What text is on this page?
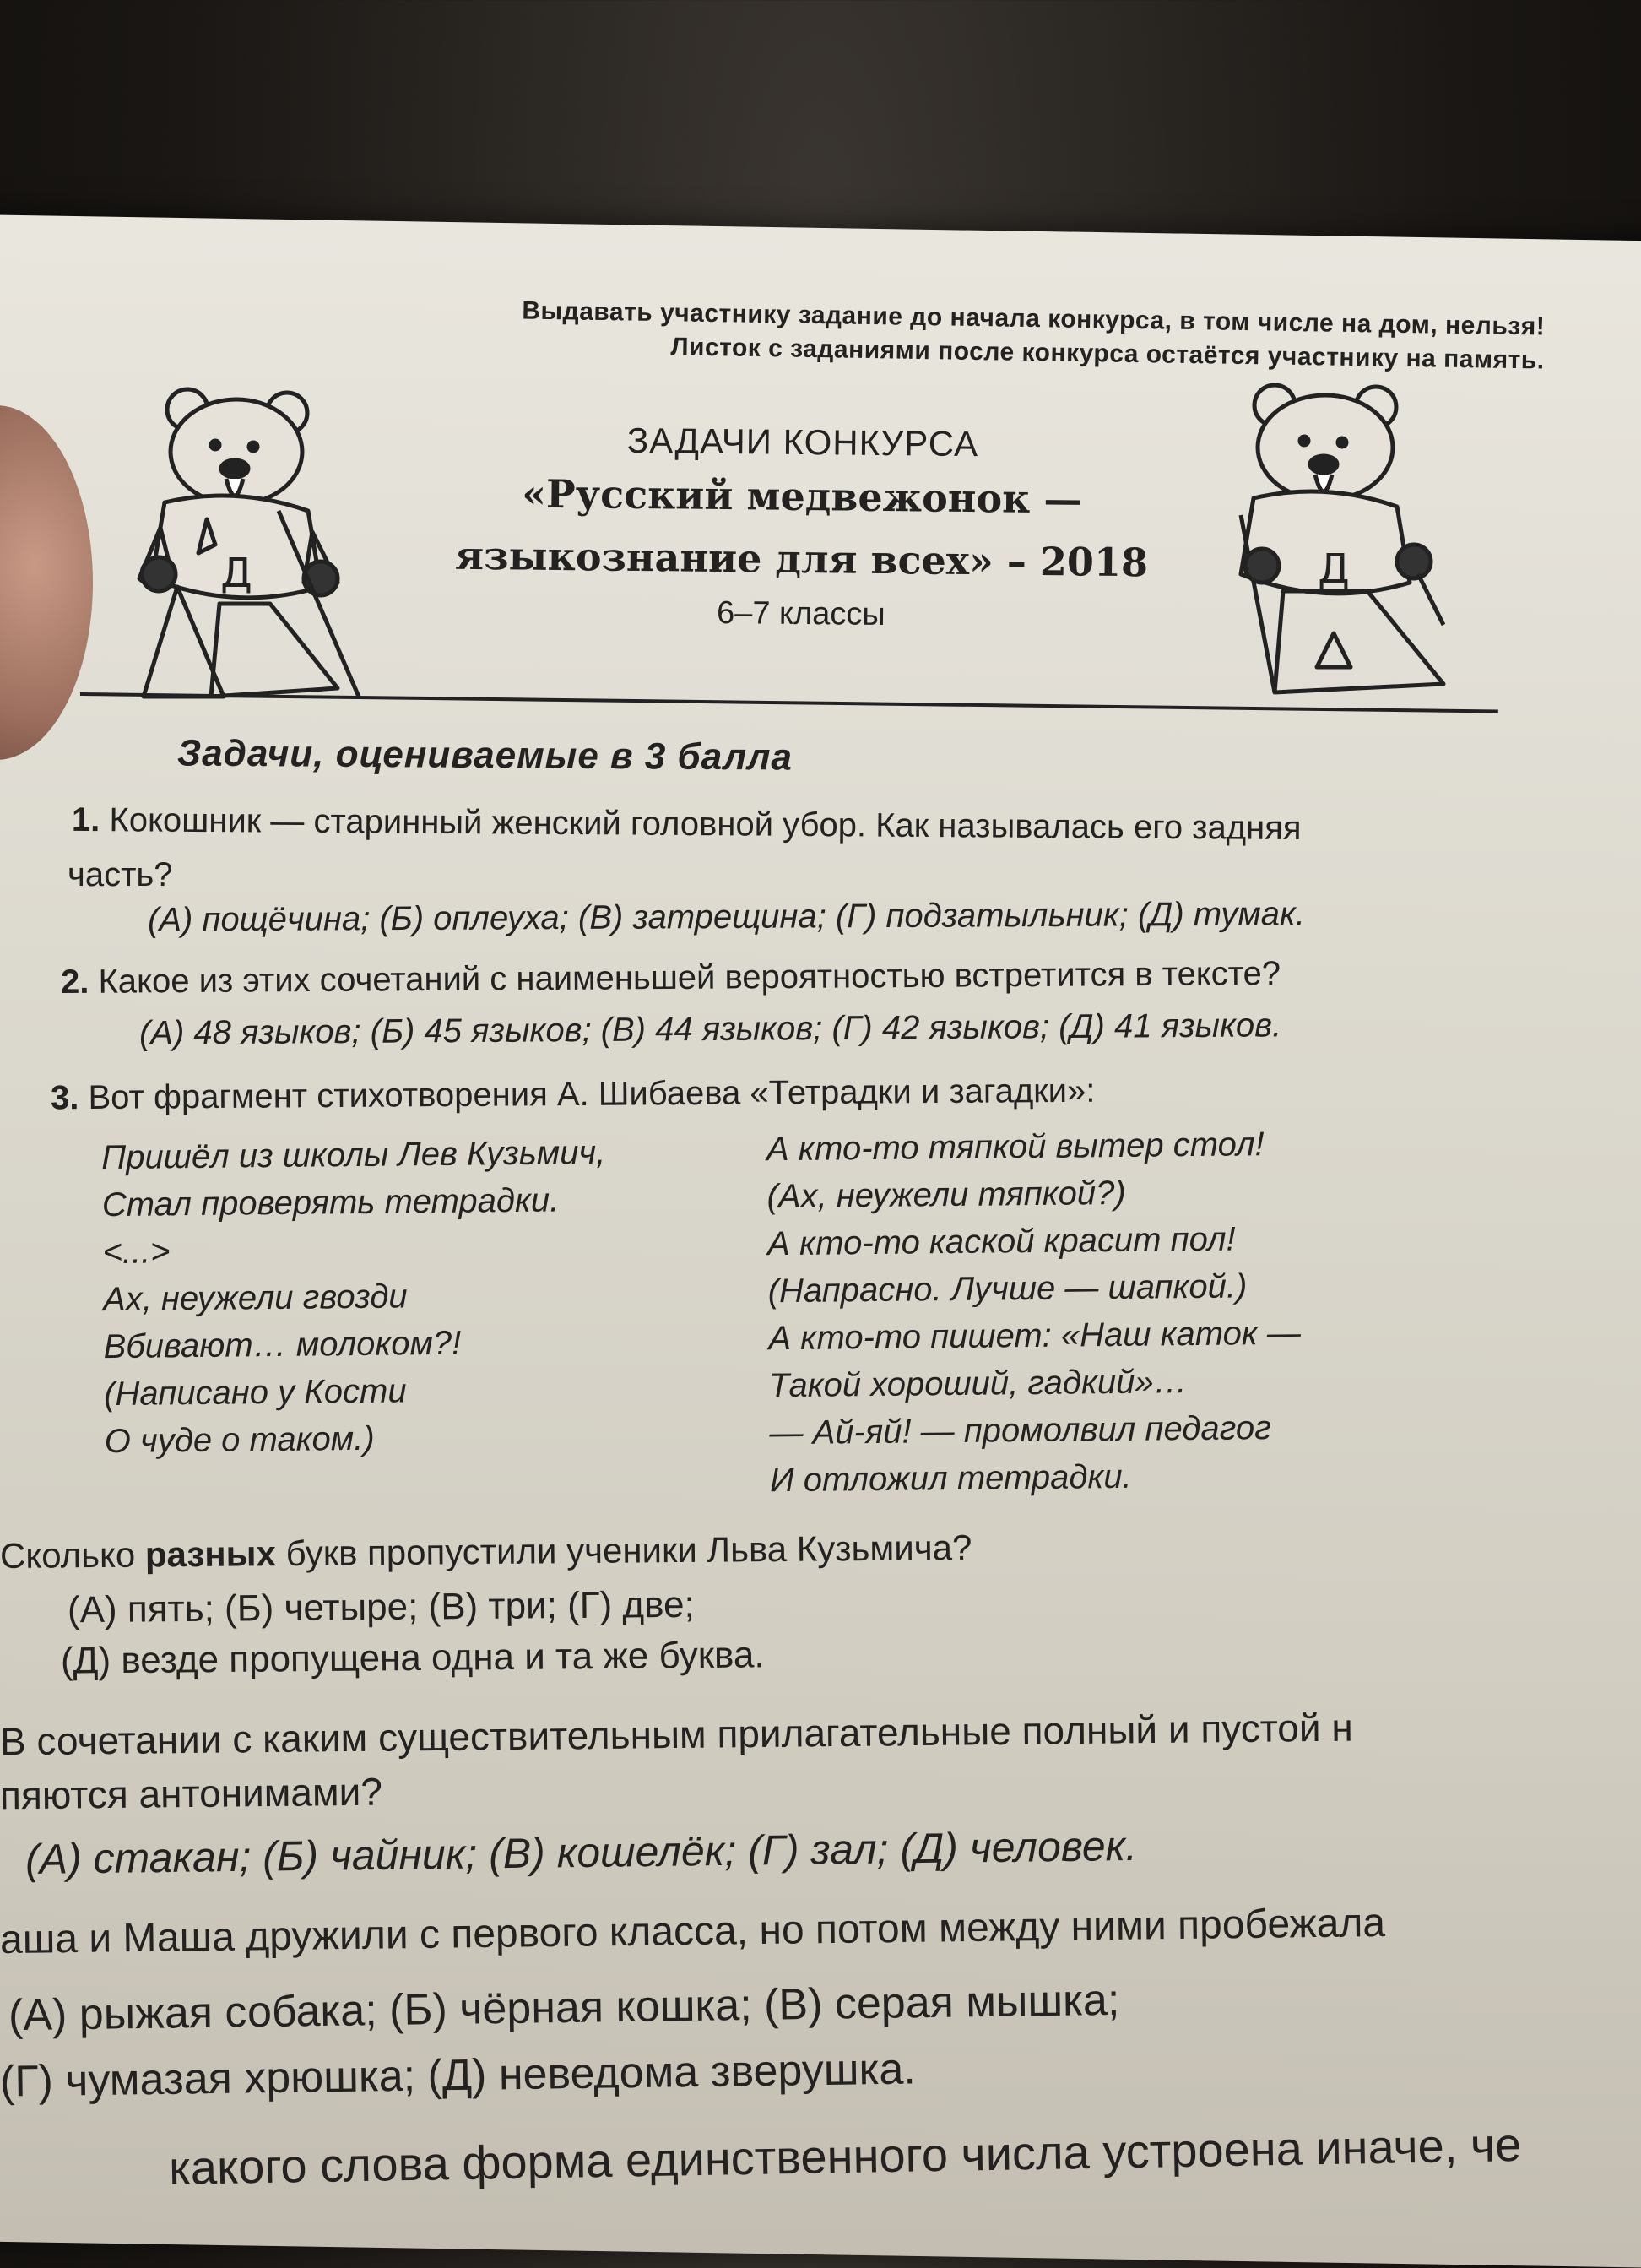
Выдавать участнику задание до начала конкурса, в том числе на дом, нельзя!
Листок с заданиями после конкурса остаётся участнику на память.
Д	Д
ЗАДАЧИ КОНКУРСА
«Русский медвежонок —
языкознание для всех» – 2018
6–7 классы
Задачи, оцениваемые в 3 балла
1. Кокошник — старинный женский головной убор. Как называлась его задняя
часть?
(А) пощёчина; (Б) оплеуха; (В) затрещина; (Г) подзатыльник; (Д) тумак.
2. Какое из этих сочетаний с наименьшей вероятностью встретится в тексте?
(А) 48 языков; (Б) 45 языков; (В) 44 языков; (Г) 42 языков; (Д) 41 языков.
3. Вот фрагмент стихотворения А. Шибаева «Тетрадки и загадки»:
Пришёл из школы Лев Кузьмич,
Стал проверять тетрадки.
<...>
Ах, неужели гвозди
Вбивают… молоком?!
(Написано у Кости
О чуде о таком.)
А кто-то тяпкой вытер стол!
(Ах, неужели тяпкой?)
А кто-то каской красит пол!
(Напрасно. Лучше — шапкой.)
А кто-то пишет: «Наш каток —
Такой хороший, гадкий»…
— Ай-яй! — промолвил педагог
И отложил тетрадки.
Сколько разных букв пропустили ученики Льва Кузьмича?
(А) пять; (Б) четыре; (В) три; (Г) две;
(Д) везде пропущена одна и та же буква.
В сочетании с каким существительным прилагательные полный и пустой н
пяются антонимами?
(А) стакан; (Б) чайник; (В) кошелёк; (Г) зал; (Д) человек.
аша и Маша дружили с первого класса, но потом между ними пробежала
(А) рыжая собака; (Б) чёрная кошка; (В) серая мышка;
(Г) чумазая хрюшка; (Д) неведома зверушка.
какого слова форма единственного числа устроена иначе, че
